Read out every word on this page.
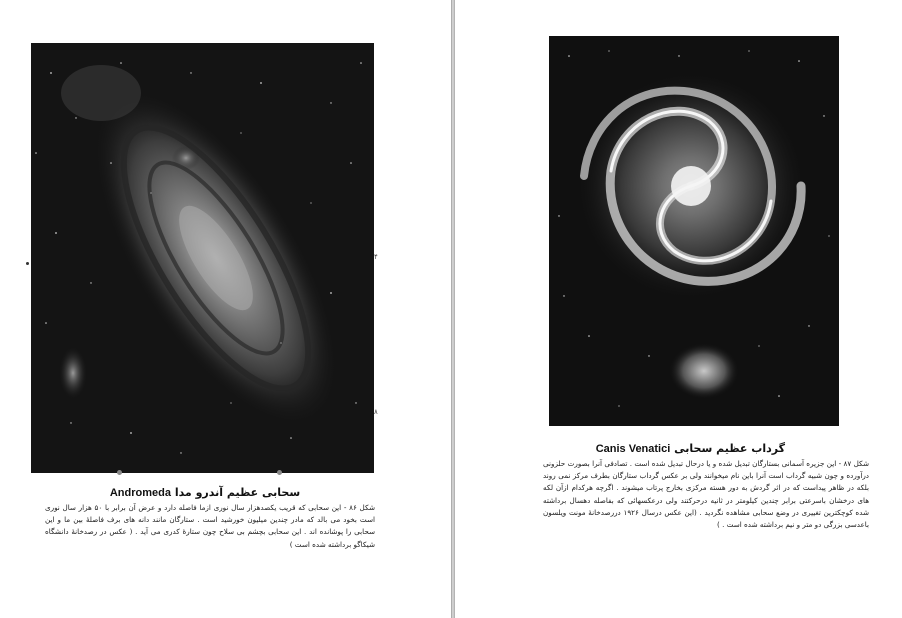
۴
۸
سحابی عظیم آندرو مدا Andromeda
شکل ۸۶ - این سحابی که قریب یکصدهزار سال نوری ازما فاصله دارد و عرض آن برابر با ۵۰ هزار سال نوری است بخود می بالد که مادر چندین میلیون خورشید است . ستارگان مانند دانه های برف فاصلهٔ بین ما و این سحابی را پوشانده اند . این سحابی بچشم بی سلاح چون ستارهٔ کدری می آید . ( عکس در رصدخانهٔ دانشگاه شیکاگو برداشته شده است )
گرداب عظیم سحابی Canis Venatici
شکل ۸۷ - این جزیره آسمانی بستارگان تبدیل شده و یا درحال تبدیل شده است . تصادفی آنرا بصورت حلزونی درآورده و چون شبیه گرداب است آنرا باین نام میخوانند ولی بر عکس گرداب ستارگان بطرف مرکز نمی روند بلکه در ظاهر پیداست که در اثر گردش به دور هسته مرکزی بخارج پرتاب میشوند . اگرچه هرکدام ازآن لکه های درخشان باسرعتی برابر چندین کیلومتر در ثانیه درحرکتند ولی درعکسهائی که بفاصله دهسال برداشته شده کوچکترین تغییری در وضع سحابی مشاهده نگردید . (این عکس درسال ۱۹۲۶ دررصدخانهٔ مونت ویلسون باعدسی بزرگی دو متر و نیم برداشته شده است . )
